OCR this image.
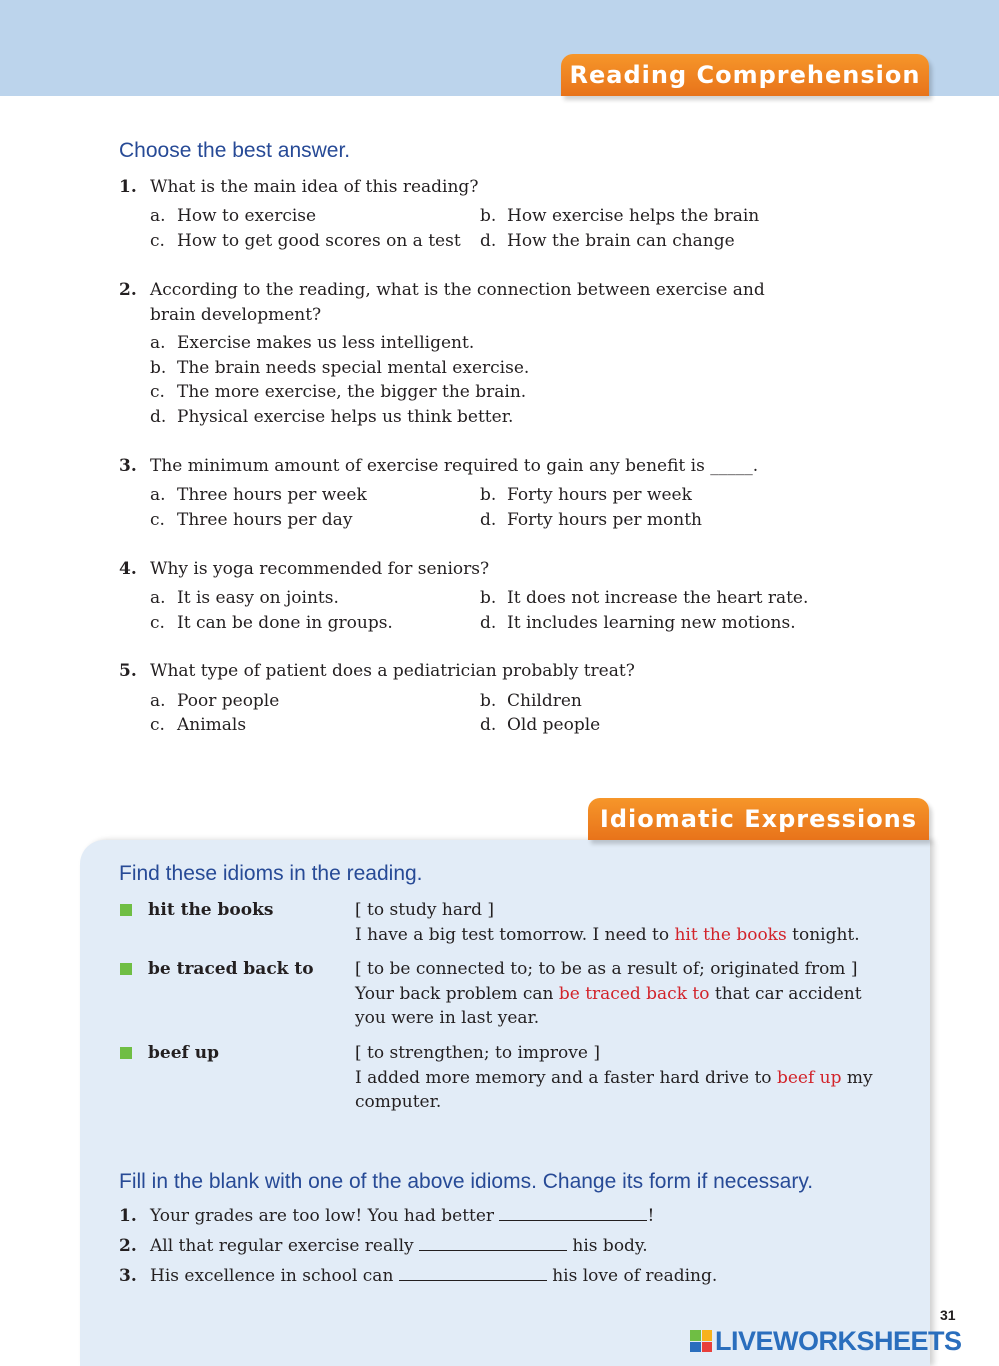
Reading Comprehension
Choose the best answer.
1. What is the main idea of this reading?
a. How to exercise	b. How exercise helps the brain
c. How to get good scores on a test d. How the brain can change
2. According to the reading, what is the connection between exercise and brain development?
a. Exercise makes us less intelligent.
b. The brain needs special mental exercise.
c. The more exercise, the bigger the brain.
d. Physical exercise helps us think better.
3. The minimum amount of exercise required to gain any benefit is _____.
a. Three hours per week	b. Forty hours per week
c. Three hours per day	d. Forty hours per month
4. Why is yoga recommended for seniors?
a. It is easy on joints.	b. It does not increase the heart rate.
c. It can be done in groups.	d. It includes learning new motions.
5. What type of patient does a pediatrician probably treat?
a. Poor people	b. Children
c. Animals	d. Old people
Idiomatic Expressions
Find these idioms in the reading.
hit the books	[ to study hard ]
I have a big test tomorrow. I need to hit the books tonight.
be traced back to [ to be connected to; to be as a result of; originated from ]
Your back problem can be traced back to that car accident you were in last year.
beef up	[ to strengthen; to improve ]
I added more memory and a faster hard drive to beef up my computer.
Fill in the blank with one of the above idioms. Change its form if necessary.
1. Your grades are too low! You had better	!
2. All that regular exercise really	his body.
3. His excellence in school can	his love of reading.
31
LIVEWORKSHEETS
